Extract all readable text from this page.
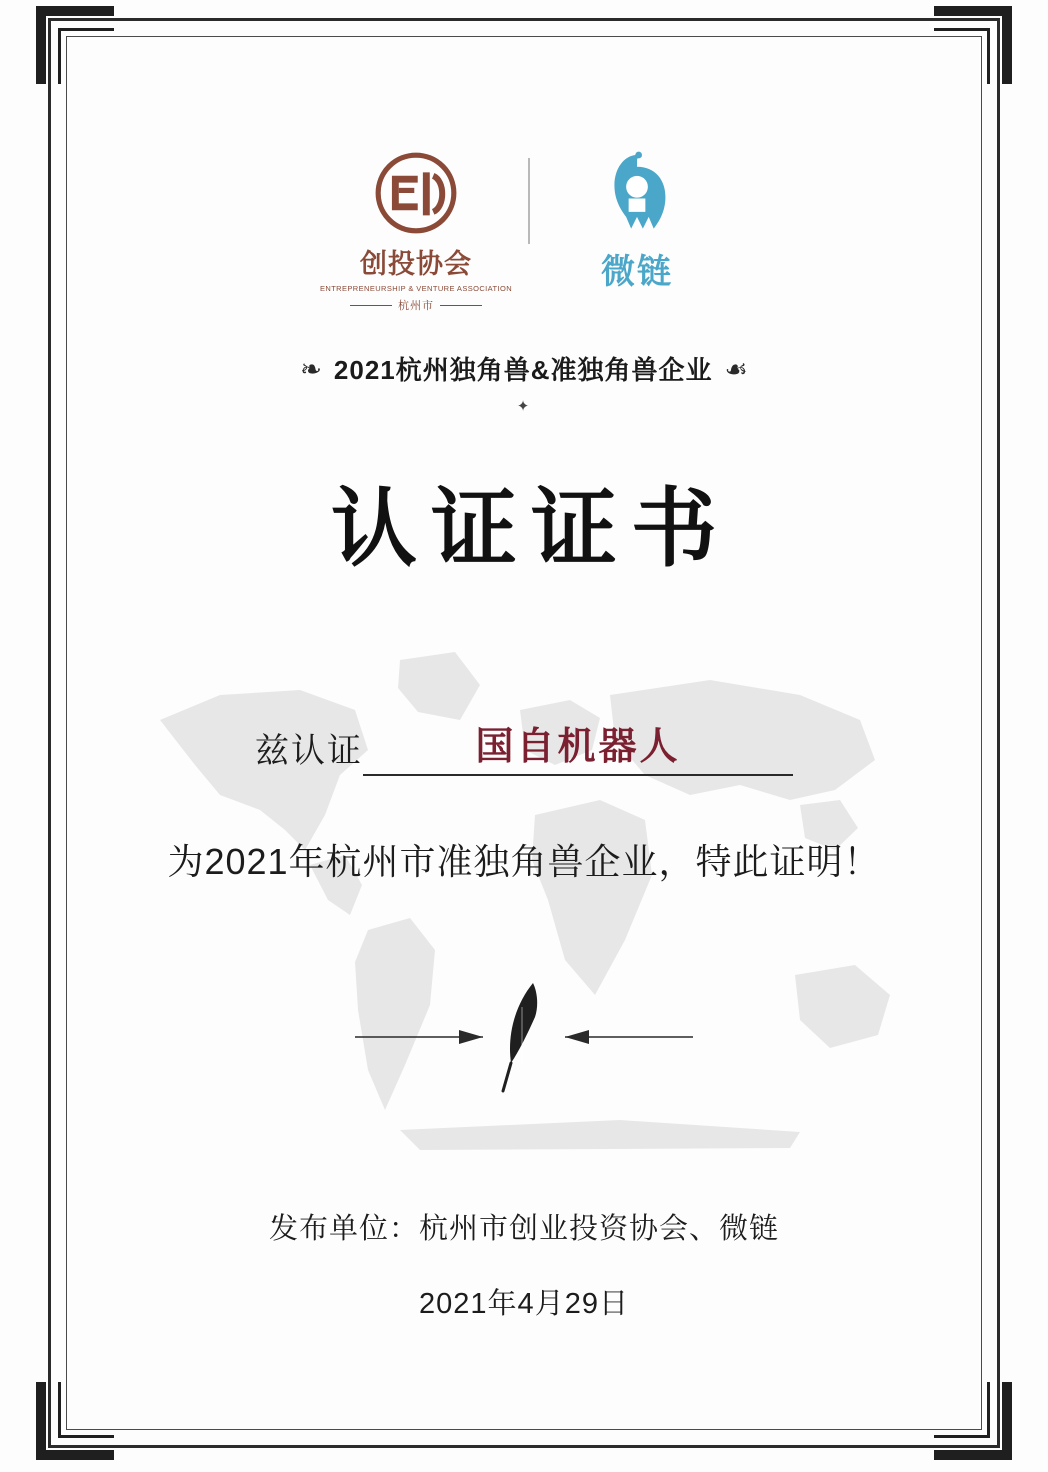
创投协会
ENTREPRENEURSHIP & VENTURE ASSOCIATION
杭州市
微链
❧ 2021杭州独角兽&准独角兽企业 ☙
✦
认证证书
兹认证	国自机器人
为2021年杭州市准独角兽企业，特此证明！
发布单位：杭州市创业投资协会、微链
2021年4月29日
